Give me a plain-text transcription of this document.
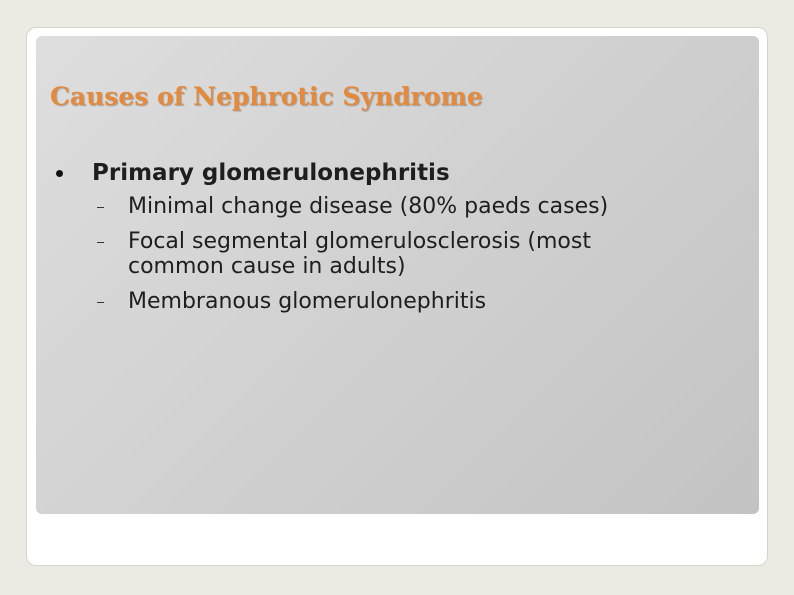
Causes of Nephrotic Syndrome
Primary glomerulonephritis
Minimal change disease (80% paeds cases)
Focal segmental glomerulosclerosis (most
common cause in adults)
Membranous glomerulonephritis
